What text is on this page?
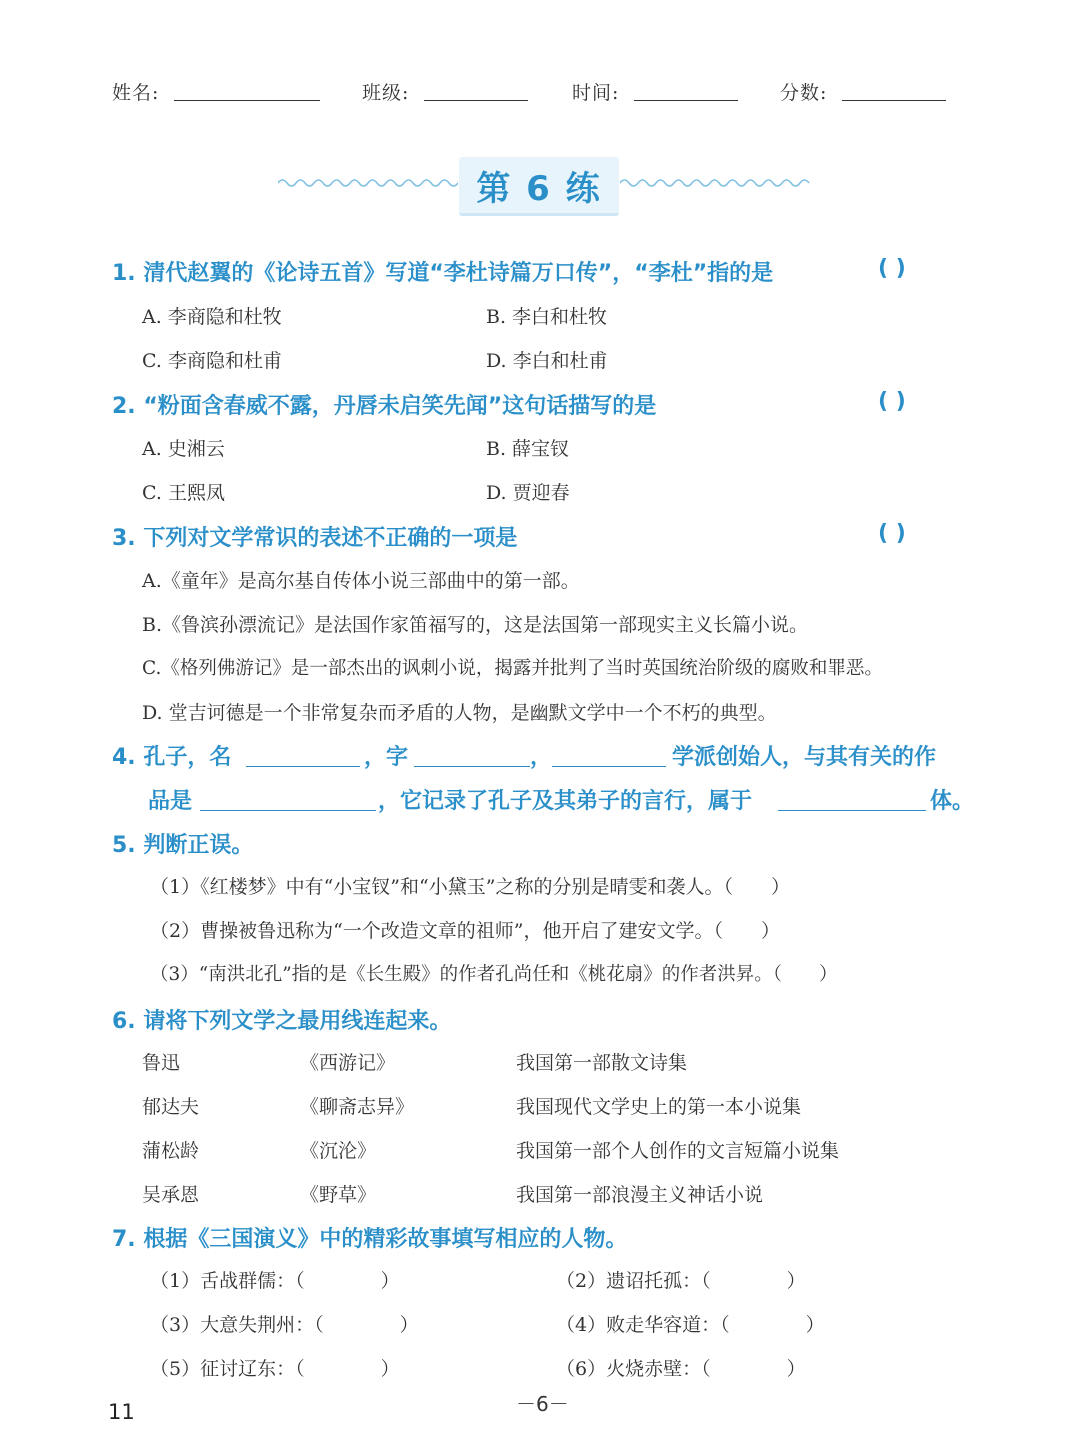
姓名:	班级:	时间:	分数:
第 6 练
1. 清代赵翼的《论诗五首》写道“李杜诗篇万口传”，“李杜”指的是	( )
A. 李商隐和杜牧	B. 李白和杜牧
C. 李商隐和杜甫	D. 李白和杜甫
2. “粉面含春威不露，丹唇未启笑先闻”这句话描写的是	( )
A. 史湘云	B. 薛宝钗
C. 王熙凤	D. 贾迎春
3. 下列对文学常识的表述不正确的一项是	( )
A.《童年》是高尔基自传体小说三部曲中的第一部。
B.《鲁滨孙漂流记》是法国作家笛福写的，这是法国第一部现实主义长篇小说。
C.《格列佛游记》是一部杰出的讽刺小说，揭露并批判了当时英国统治阶级的腐败和罪恶。
D. 堂吉诃德是一个非常复杂而矛盾的人物，是幽默文学中一个不朽的典型。
4. 孔子，名	，字	，	学派创始人，与其有关的作
品是	，它记录了孔子及其弟子的言行，属于	体。
5. 判断正误。
（1）《红楼梦》中有“小宝钗”和“小黛玉”之称的分别是晴雯和袭人。（　　）
（2）曹操被鲁迅称为“一个改造文章的祖师”，他开启了建安文学。（　　）
（3）“南洪北孔”指的是《长生殿》的作者孔尚任和《桃花扇》的作者洪昇。（　　）
6. 请将下列文学之最用线连起来。
鲁迅	《西游记》	我国第一部散文诗集
郁达夫	《聊斋志异》	我国现代文学史上的第一本小说集
蒲松龄	《沉沦》	我国第一部个人创作的文言短篇小说集
吴承恩	《野草》	我国第一部浪漫主义神话小说
7. 根据《三国演义》中的精彩故事填写相应的人物。
（1）舌战群儒：（　　　　）	（2）遗诏托孤：（　　　　）
（3）大意失荆州：（　　　　）	（4）败走华容道：（　　　　）
（5）征讨辽东：（　　　　）	（6）火烧赤壁：（　　　　）
－6－
11
